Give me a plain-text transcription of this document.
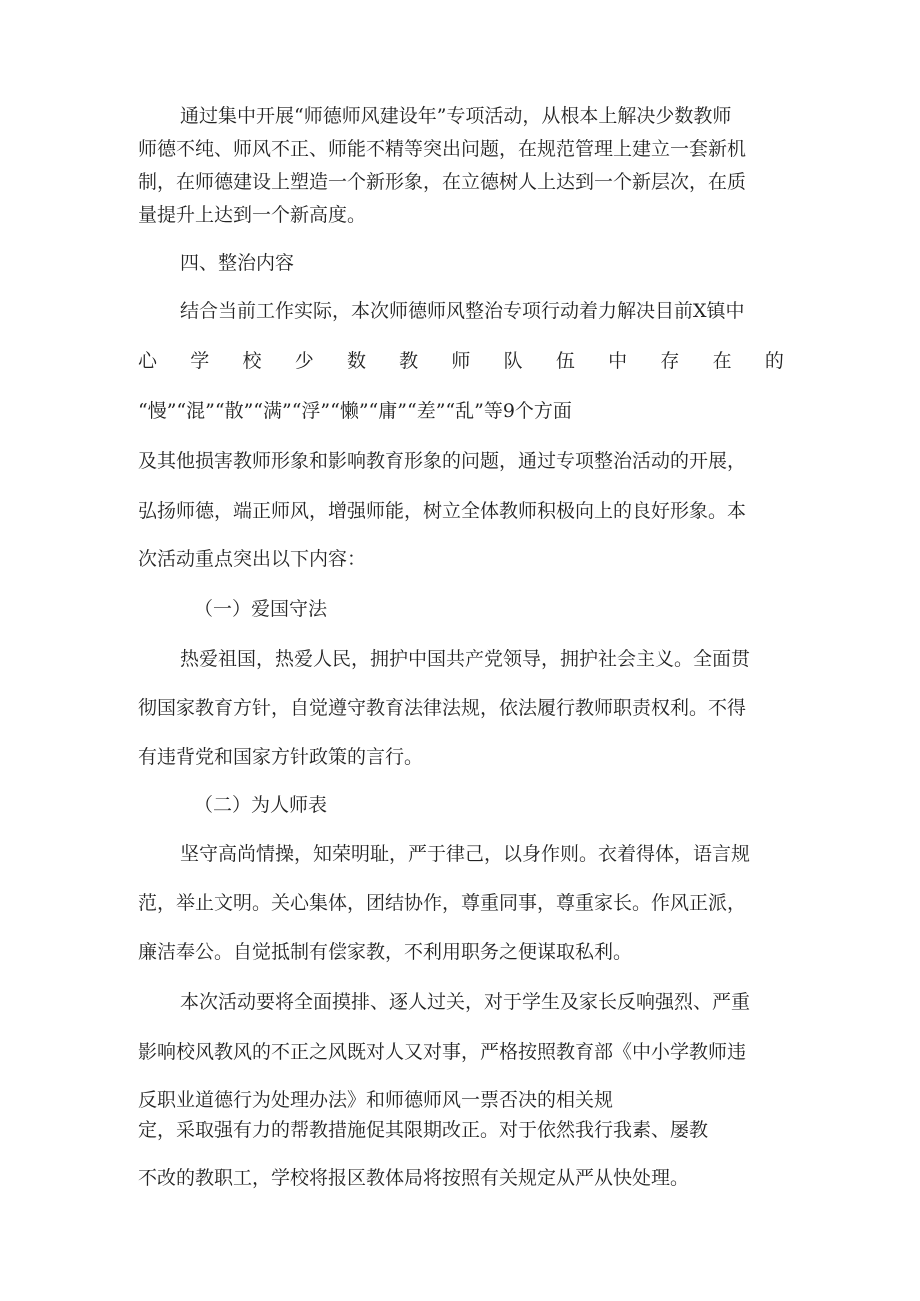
通过集中开展“师德师风建设年”专项活动，从根本上解决少数教师
师德不纯、师风不正、师能不精等突出问题，在规范管理上建立一套新机
制，在师德建设上塑造一个新形象，在立德树人上达到一个新层次，在质
量提升上达到一个新高度。
四、整治内容
结合当前工作实际，本次师德师风整治专项行动着力解决目前X镇中
心 学 校 少 数 教 师 队 伍 中 存 在 的
“慢”“混”“散”“满”“浮”“懒”“庸”“差”“乱”等9个方面
及其他损害教师形象和影响教育形象的问题，通过专项整治活动的开展，
弘扬师德，端正师风，增强师能，树立全体教师积极向上的良好形象。本
次活动重点突出以下内容：
（一）爱国守法
热爱祖国，热爱人民，拥护中国共产党领导，拥护社会主义。全面贯
彻国家教育方针，自觉遵守教育法律法规，依法履行教师职责权利。不得
有违背党和国家方针政策的言行。
（二）为人师表
坚守高尚情操，知荣明耻，严于律己，以身作则。衣着得体，语言规
范，举止文明。关心集体，团结协作，尊重同事，尊重家长。作风正派，
廉洁奉公。自觉抵制有偿家教，不利用职务之便谋取私利。
本次活动要将全面摸排、逐人过关，对于学生及家长反响强烈、严重
影响校风教风的不正之风既对人又对事，严格按照教育部《中小学教师违
反职业道德行为处理办法》和师德师风一票否决的相关规
定，采取强有力的帮教措施促其限期改正。对于依然我行我素、屡教
不改的教职工，学校将报区教体局将按照有关规定从严从快处理。
